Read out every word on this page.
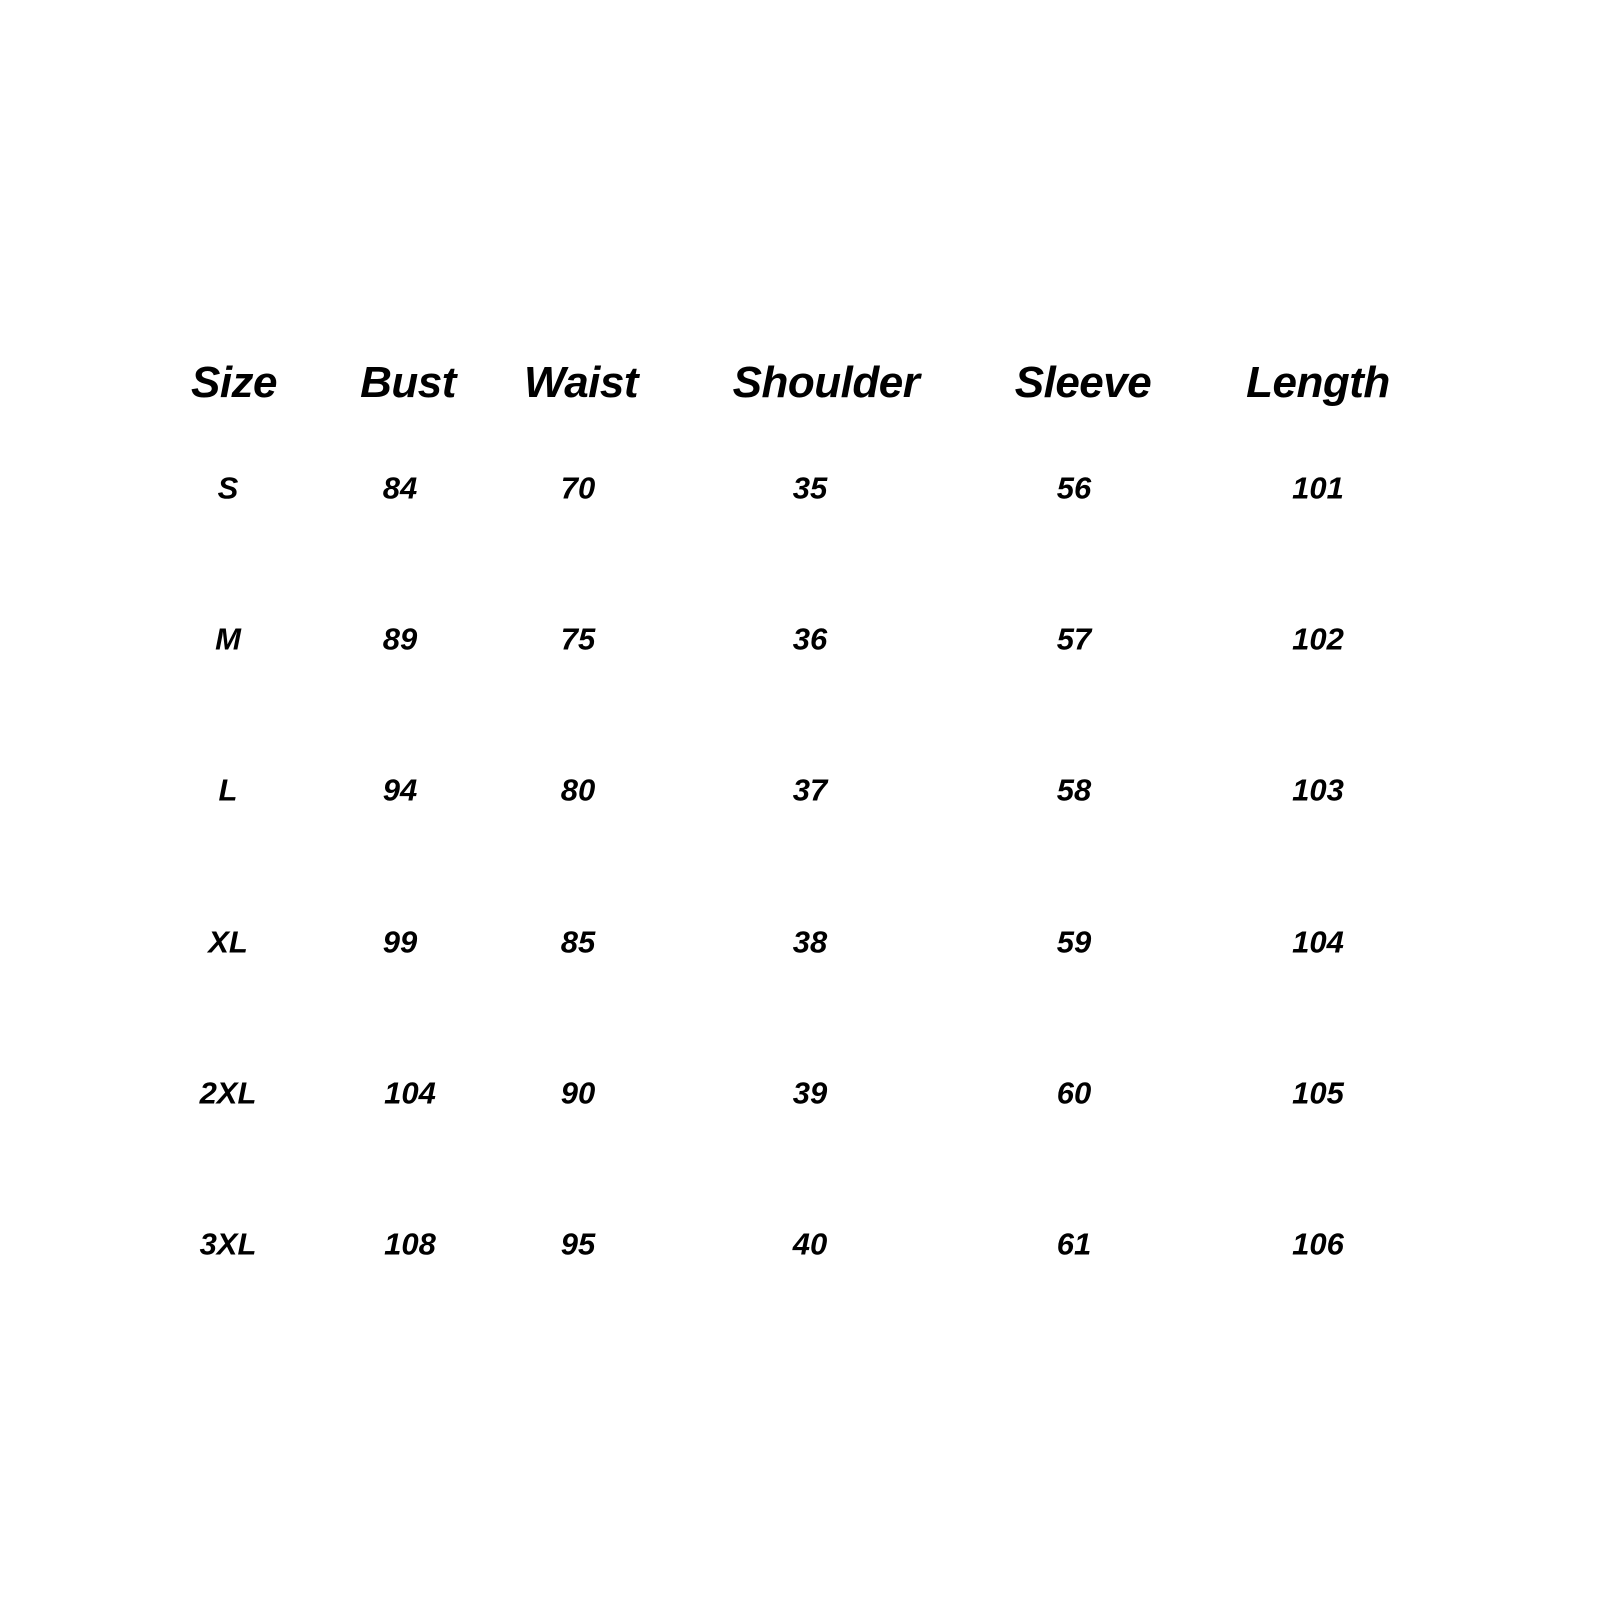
Size Bust Waist Shoulder Sleeve Length
S	84	70	35	56	101
M	89	75	36	57	102
L	94	80	37	58	103
XL	99	85	38	59	104
2XL	104	90	39	60	105
3XL	108	95	40	61	106
